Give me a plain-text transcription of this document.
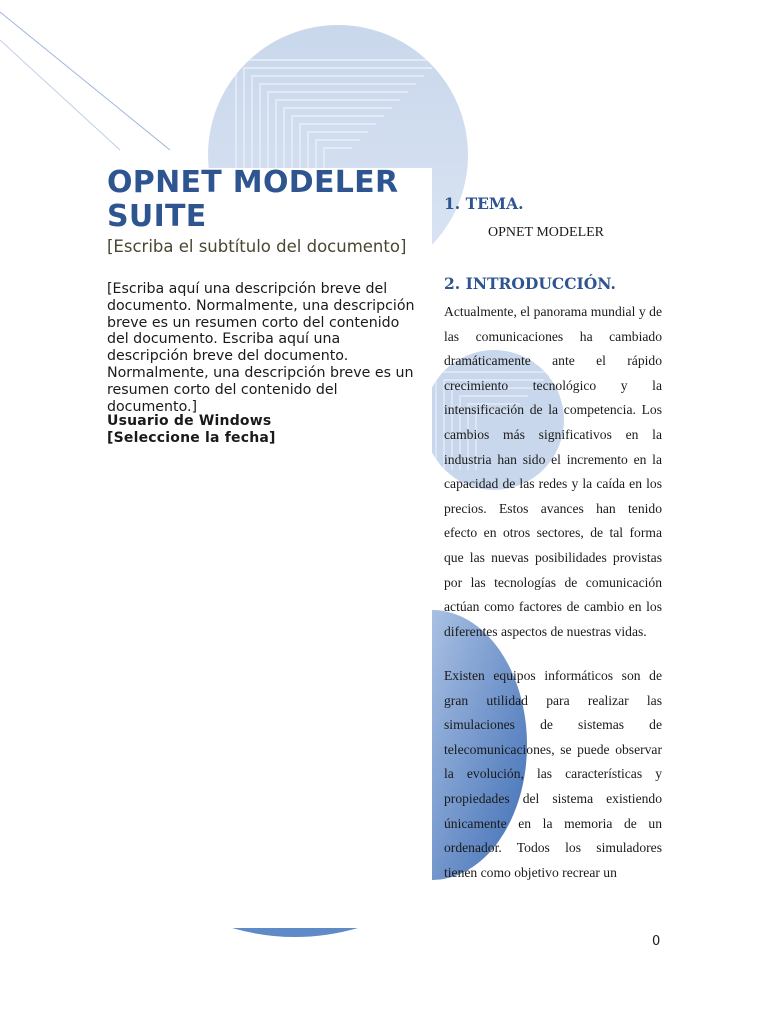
OPNET MODELER SUITE
[Escriba el subtítulo del documento]
[Escriba aquí una descripción breve del documento. Normalmente, una descripción breve es un resumen corto del contenido del documento. Escriba aquí una descripción breve del documento. Normalmente, una descripción breve es un resumen corto del contenido del documento.]
Usuario de Windows
[Seleccione la fecha]
1. TEMA.
OPNET MODELER
2. INTRODUCCIÓN.

Actualmente, el panorama mundial y de las comunicaciones ha cambiado dramáticamente ante el rápido crecimiento tecnológico y la intensificación de la competencia. Los cambios más significativos en la industria han sido el incremento en la capacidad de las redes y la caída en los precios. Estos avances han tenido efecto en otros sectores, de tal forma que las nuevas posibilidades provistas por las tecnologías de comunicación actúan como factores de cambio en los diferentes aspectos de nuestras vidas.

Existen equipos informáticos son de gran utilidad para realizar las simulaciones de sistemas de telecomunicaciones, se puede observar la evolución, las características y propiedades del sistema existiendo únicamente en la memoria de un ordenador. Todos los simuladores tienen como objetivo recrear un

0
